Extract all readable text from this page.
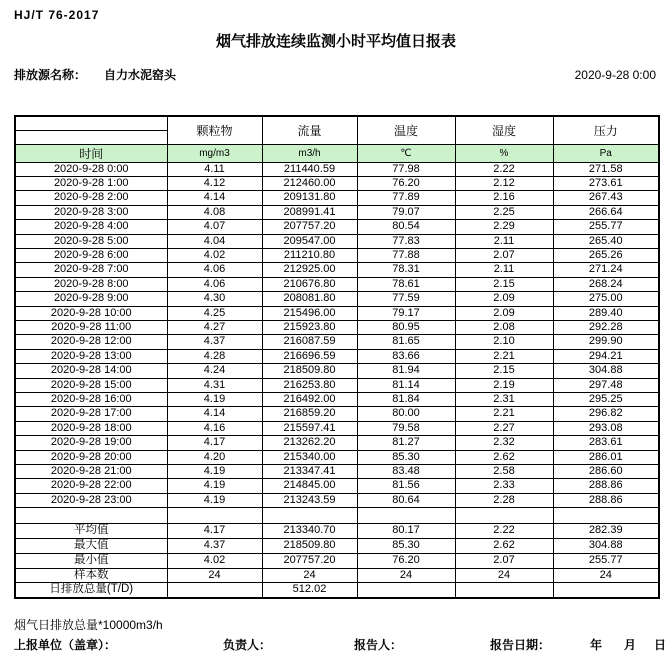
HJ/T 76-2017
烟气排放连续监测小时平均值日报表
排放源名称： 自力水泥窑头	2020-9-28 0:00
	颗粒物	流量	温度	湿度	压力

时间	mg/m3	m3/h	℃	%	Pa
2020-9-28 0:00	4.11	211440.59	77.98	2.22	271.58
2020-9-28 1:00	4.12	212460.00	76.20	2.12	273.61
2020-9-28 2:00	4.14	209131.80	77.89	2.16	267.43
2020-9-28 3:00	4.08	208991.41	79.07	2.25	266.64
2020-9-28 4:00	4.07	207757.20	80.54	2.29	255.77
2020-9-28 5:00	4.04	209547.00	77.83	2.11	265.40
2020-9-28 6:00	4.02	211210.80	77.88	2.07	265.26
2020-9-28 7:00	4.06	212925.00	78.31	2.11	271.24
2020-9-28 8:00	4.06	210676.80	78.61	2.15	268.24
2020-9-28 9:00	4.30	208081.80	77.59	2.09	275.00
2020-9-28 10:00	4.25	215496.00	79.17	2.09	289.40
2020-9-28 11:00	4.27	215923.80	80.95	2.08	292.28
2020-9-28 12:00	4.37	216087.59	81.65	2.10	299.90
2020-9-28 13:00	4.28	216696.59	83.66	2.21	294.21
2020-9-28 14:00	4.24	218509.80	81.94	2.15	304.88
2020-9-28 15:00	4.31	216253.80	81.14	2.19	297.48
2020-9-28 16:00	4.19	216492.00	81.84	2.31	295.25
2020-9-28 17:00	4.14	216859.20	80.00	2.21	296.82
2020-9-28 18:00	4.16	215597.41	79.58	2.27	293.08
2020-9-28 19:00	4.17	213262.20	81.27	2.32	283.61
2020-9-28 20:00	4.20	215340.00	85.30	2.62	286.01
2020-9-28 21:00	4.19	213347.41	83.48	2.58	286.60
2020-9-28 22:00	4.19	214845.00	81.56	2.33	288.86
2020-9-28 23:00	4.19	213243.59	80.64	2.28	288.86

平均值	4.17	213340.70	80.17	2.22	282.39
最大值	4.37	218509.80	85.30	2.62	304.88
最小值	4.02	207757.20	76.20	2.07	255.77
样本数	24	24	24	24	24
日排放总量(T/D)		512.02			
烟气日排放总量*10000m3/h
上报单位（盖章）：	负责人：	报告人：	报告日期：	年 月 日
